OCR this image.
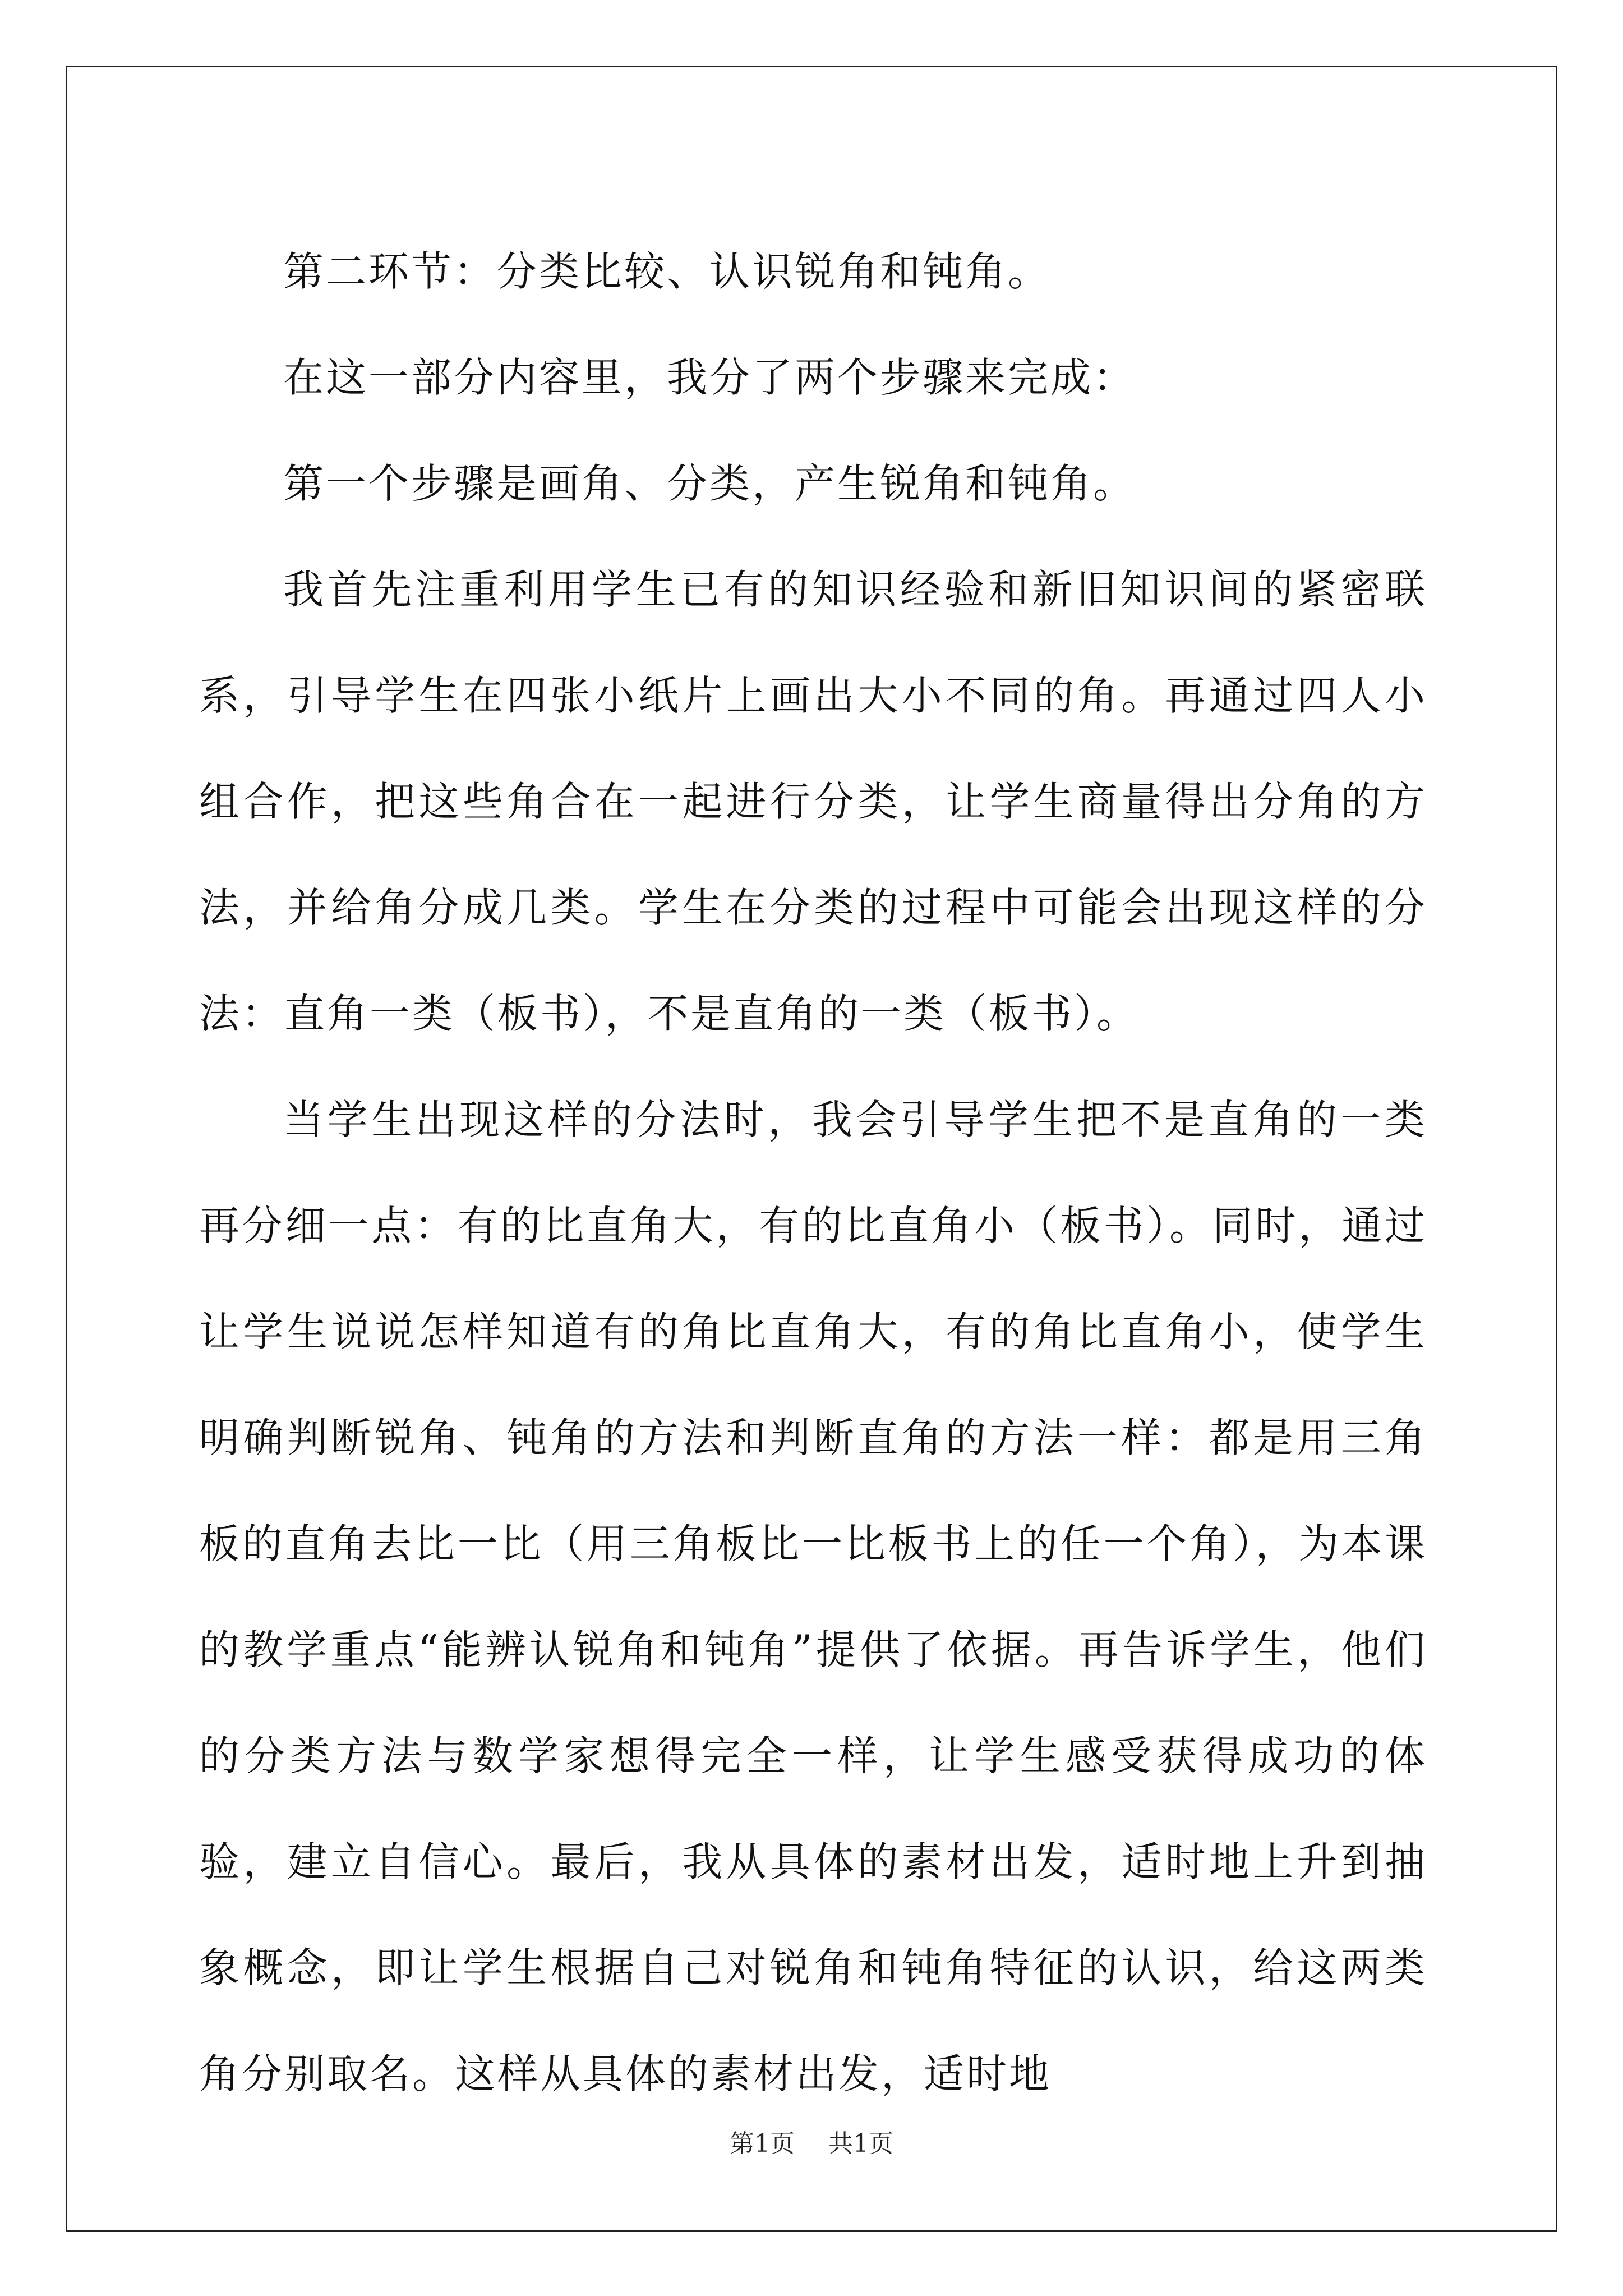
第二环节：分类比较、认识锐角和钝角。

在这一部分内容里，我分了两个步骤来完成：

第一个步骤是画角、分类，产生锐角和钝角。

我首先注重利用学生已有的知识经验和新旧知识间的紧密联系，引导学生在四张小纸片上画出大小不同的角。再通过四人小组合作，把这些角合在一起进行分类，让学生商量得出分角的方法，并给角分成几类。学生在分类的过程中可能会出现这样的分法：直角一类（板书），不是直角的一类（板书）。

当学生出现这样的分法时，我会引导学生把不是直角的一类再分细一点：有的比直角大，有的比直角小（板书）。同时，通过让学生说说怎样知道有的角比直角大，有的角比直角小，使学生明确判断锐角、钝角的方法和判断直角的方法一样：都是用三角板的直角去比一比（用三角板比一比板书上的任一个角），为本课的教学重点“能辨认锐角和钝角”提供了依据。再告诉学生，他们的分类方法与数学家想得完全一样，让学生感受获得成功的体验，建立自信心。最后，我从具体的素材出发，适时地上升到抽象概念，即让学生根据自己对锐角和钝角特征的认识，给这两类角分别取名。这样从具体的素材出发，适时地

第1页 共1页
